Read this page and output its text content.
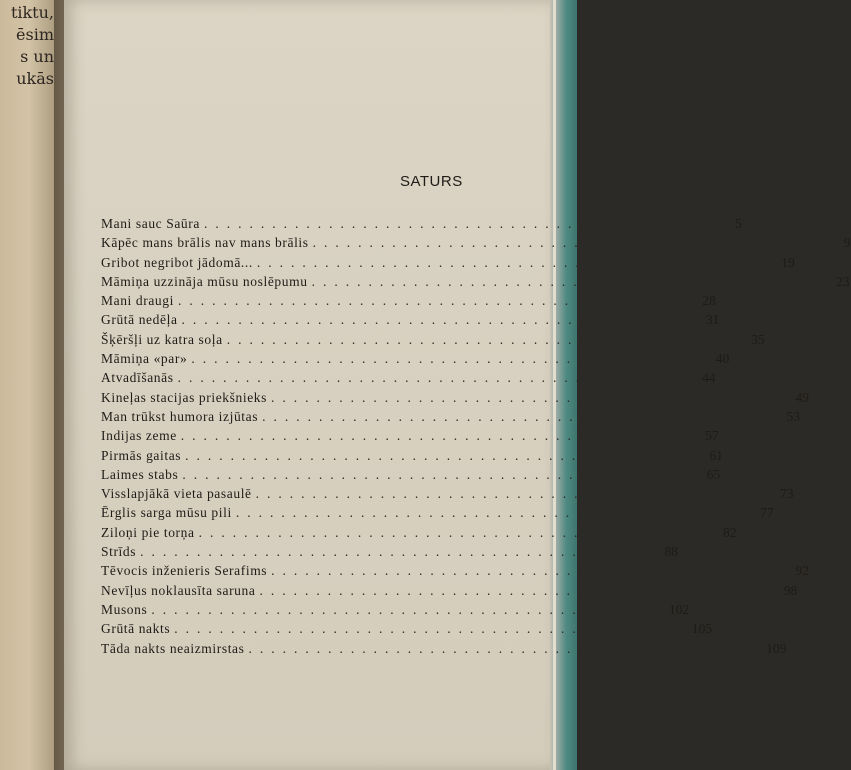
tiktu,
ēsim
s un
ukās
SATURS
Mani sauc Saūra .............................................	5
Kāpēc mans brālis nav mans brālis .............................................	9
Gribot negribot jādomā... ............................................. 19
Māmiņa uzzināja mūsu noslēpumu ............................................. 23
Mani draugi ............................................. 28
Grūtā nedēļa ............................................. 31
Šķēršļi uz katra soļa ............................................. 35
Māmiņa «par» ............................................. 40
Atvadīšanās ............................................. 44
Kineļas stacijas priekšnieks ............................................. 49
Man trūkst humora izjūtas ............................................. 53
Indijas zeme ............................................. 57
Pirmās gaitas ............................................. 61
Laimes stabs ............................................. 65
Visslapjākā vieta pasaulē ............................................. 73
Ērglis sarga mūsu pili ............................................. 77
Ziloņi pie torņa ............................................. 82
Strīds ............................................. 88
Tēvocis inženieris Serafims ............................................. 92
Nevīļus noklausīta saruna ............................................. 98
Musons ............................................. 102
Grūtā nakts ............................................. 105
Tāda nakts neaizmirstas ............................................. 109
